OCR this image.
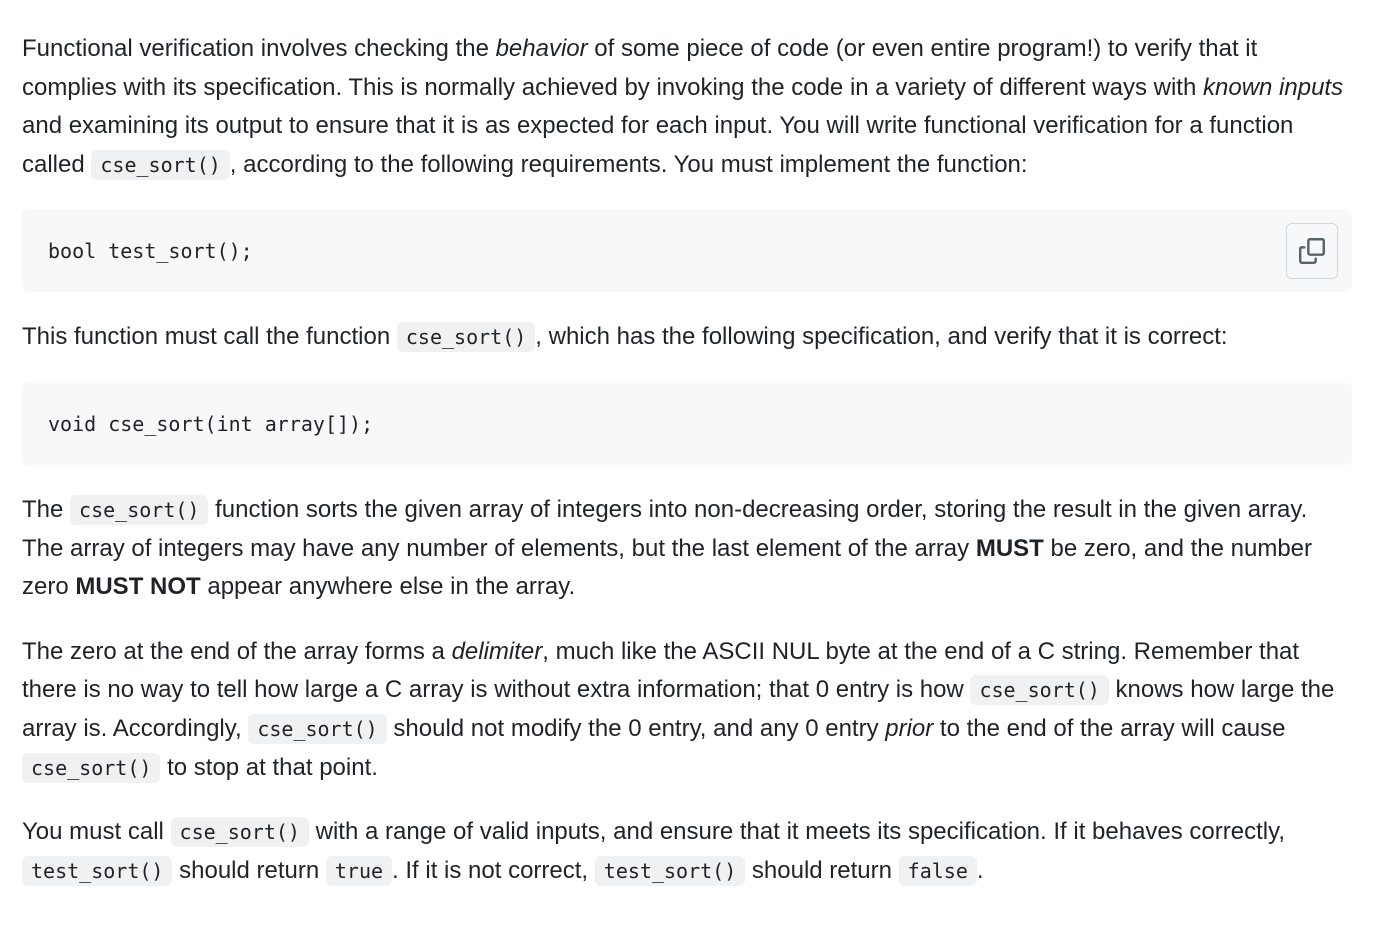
Functional verification involves checking the behavior of some piece of code (or even entire program!) to verify that it complies with its specification. This is normally achieved by invoking the code in a variety of different ways with known inputs and examining its output to ensure that it is as expected for each input. You will write functional verification for a function called cse_sort() , according to the following requirements. You must implement the function:

bool test_sort();

This function must call the function cse_sort() , which has the following specification, and verify that it is correct:

void cse_sort(int array[]);

The cse_sort() function sorts the given array of integers into non-decreasing order, storing the result in the given array. The array of integers may have any number of elements, but the last element of the array MUST be zero, and the number zero MUST NOT appear anywhere else in the array.

The zero at the end of the array forms a delimiter, much like the ASCII NUL byte at the end of a C string. Remember that there is no way to tell how large a C array is without extra information; that 0 entry is how cse_sort() knows how large the array is. Accordingly, cse_sort() should not modify the 0 entry, and any 0 entry prior to the end of the array will cause cse_sort() to stop at that point.

You must call cse_sort() with a range of valid inputs, and ensure that it meets its specification. If it behaves correctly, test_sort() should return true . If it is not correct, test_sort() should return false .
